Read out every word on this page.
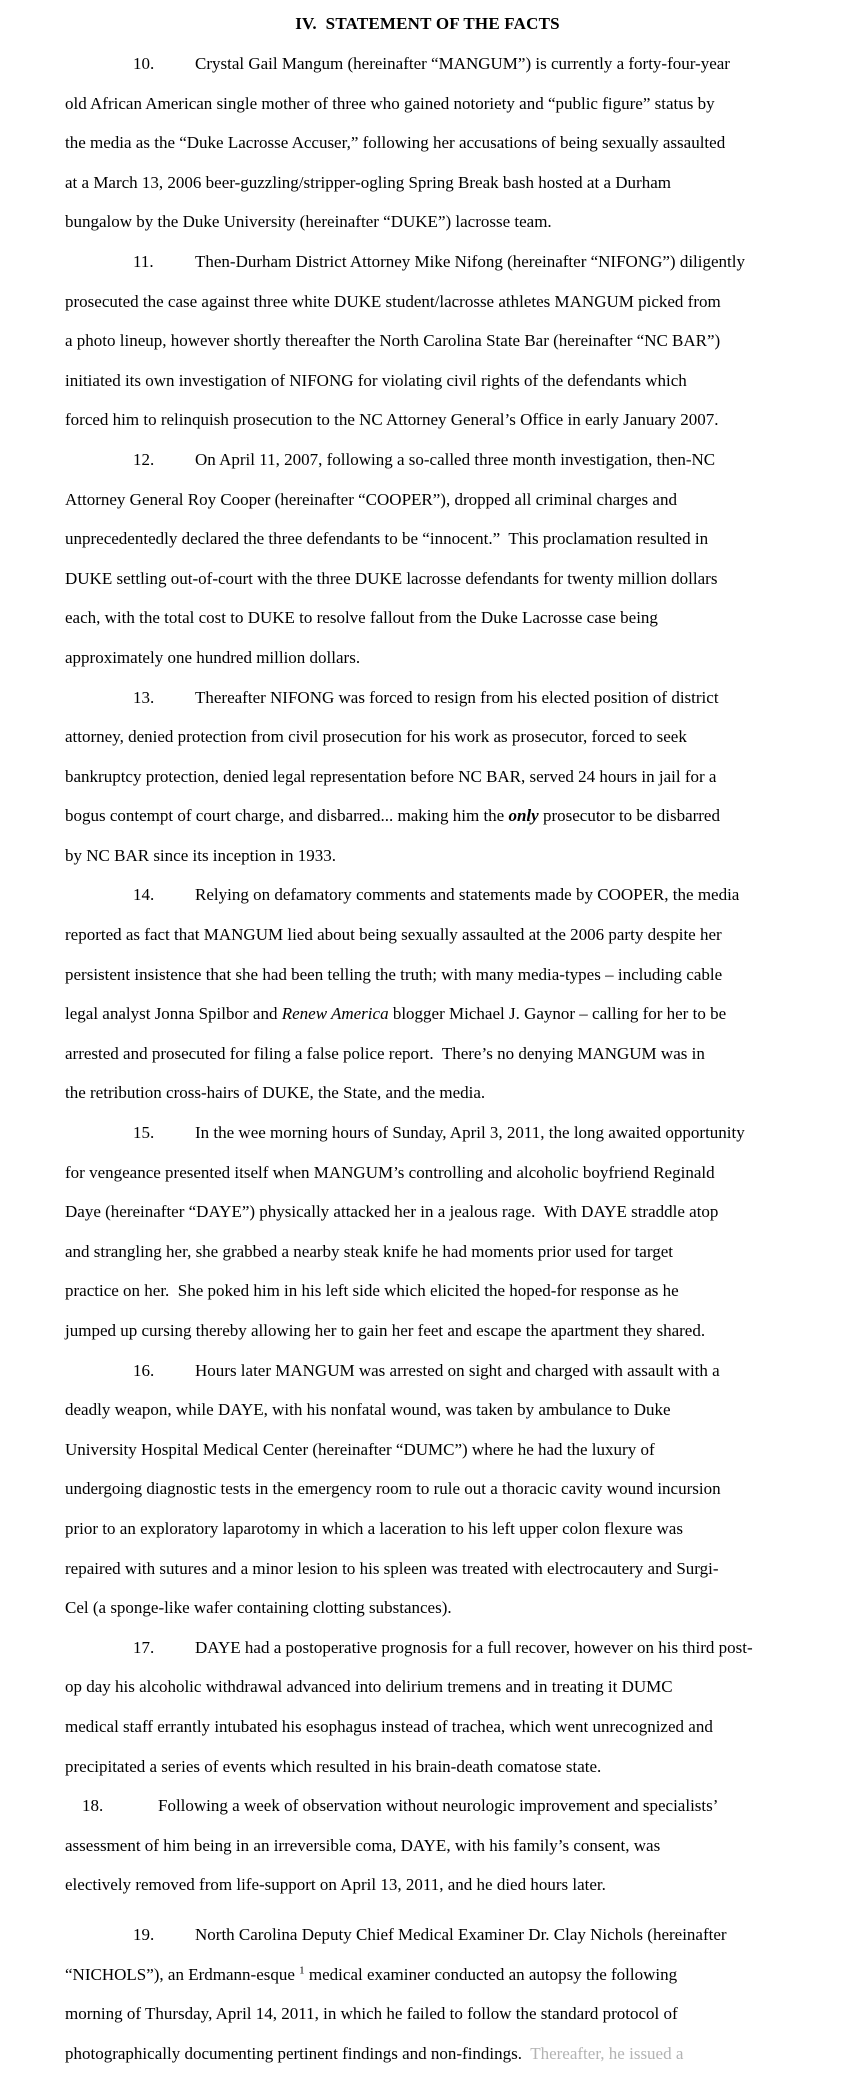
IV.  STATEMENT OF THE FACTS
10. Crystal Gail Mangum (hereinafter “MANGUM”) is currently a forty-four-year
old African American single mother of three who gained notoriety and “public figure” status by
the media as the “Duke Lacrosse Accuser,” following her accusations of being sexually assaulted
at a March 13, 2006 beer-guzzling/stripper-ogling Spring Break bash hosted at a Durham
bungalow by the Duke University (hereinafter “DUKE”) lacrosse team.
11. Then-Durham District Attorney Mike Nifong (hereinafter “NIFONG”) diligently
prosecuted the case against three white DUKE student/lacrosse athletes MANGUM picked from
a photo lineup, however shortly thereafter the North Carolina State Bar (hereinafter “NC BAR”)
initiated its own investigation of NIFONG for violating civil rights of the defendants which
forced him to relinquish prosecution to the NC Attorney General’s Office in early January 2007.
12. On April 11, 2007, following a so-called three month investigation, then-NC
Attorney General Roy Cooper (hereinafter “COOPER”), dropped all criminal charges and
unprecedentedly declared the three defendants to be “innocent.”  This proclamation resulted in
DUKE settling out-of-court with the three DUKE lacrosse defendants for twenty million dollars
each, with the total cost to DUKE to resolve fallout from the Duke Lacrosse case being
approximately one hundred million dollars.
13. Thereafter NIFONG was forced to resign from his elected position of district
attorney, denied protection from civil prosecution for his work as prosecutor, forced to seek
bankruptcy protection, denied legal representation before NC BAR, served 24 hours in jail for a
bogus contempt of court charge, and disbarred... making him the only prosecutor to be disbarred
by NC BAR since its inception in 1933.
14. Relying on defamatory comments and statements made by COOPER, the media
reported as fact that MANGUM lied about being sexually assaulted at the 2006 party despite her
persistent insistence that she had been telling the truth; with many media-types – including cable
legal analyst Jonna Spilbor and Renew America blogger Michael J. Gaynor – calling for her to be
arrested and prosecuted for filing a false police report.  There’s no denying MANGUM was in
the retribution cross-hairs of DUKE, the State, and the media.
15. In the wee morning hours of Sunday, April 3, 2011, the long awaited opportunity
for vengeance presented itself when MANGUM’s controlling and alcoholic boyfriend Reginald
Daye (hereinafter “DAYE”) physically attacked her in a jealous rage.  With DAYE straddle atop
and strangling her, she grabbed a nearby steak knife he had moments prior used for target
practice on her.  She poked him in his left side which elicited the hoped-for response as he
jumped up cursing thereby allowing her to gain her feet and escape the apartment they shared.
16. Hours later MANGUM was arrested on sight and charged with assault with a
deadly weapon, while DAYE, with his nonfatal wound, was taken by ambulance to Duke
University Hospital Medical Center (hereinafter “DUMC”) where he had the luxury of
undergoing diagnostic tests in the emergency room to rule out a thoracic cavity wound incursion
prior to an exploratory laparotomy in which a laceration to his left upper colon flexure was
repaired with sutures and a minor lesion to his spleen was treated with electrocautery and Surgi-
Cel (a sponge-like wafer containing clotting substances).
17. DAYE had a postoperative prognosis for a full recover, however on his third post-
op day his alcoholic withdrawal advanced into delirium tremens and in treating it DUMC
medical staff errantly intubated his esophagus instead of trachea, which went unrecognized and
precipitated a series of events which resulted in his brain-death comatose state.
18.	Following a week of observation without neurologic improvement and specialists’
assessment of him being in an irreversible coma, DAYE, with his family’s consent, was
electively removed from life-support on April 13, 2011, and he died hours later.
19. North Carolina Deputy Chief Medical Examiner Dr. Clay Nichols (hereinafter
“NICHOLS”), an Erdmann-esque $^1$ medical examiner conducted an autopsy the following
morning of Thursday, April 14, 2011, in which he failed to follow the standard protocol of
photographically documenting pertinent findings and non-findings.  Thereafter, he issued a
